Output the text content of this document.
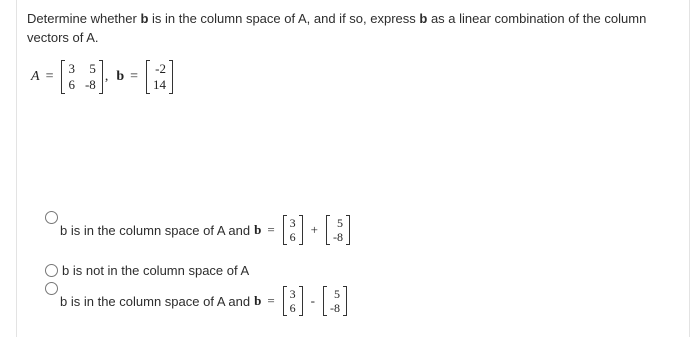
Determine whether b is in the column space of A, and if so, express b as a linear combination of the column vectors of A.
A =
3	5
6 -8
, b =
-2
14
b
is in the column space of A and b = 3
6 +	5
-8
b
is not in the column space of A
b
is in the column space of A and b = 3
6 -	5
-8
